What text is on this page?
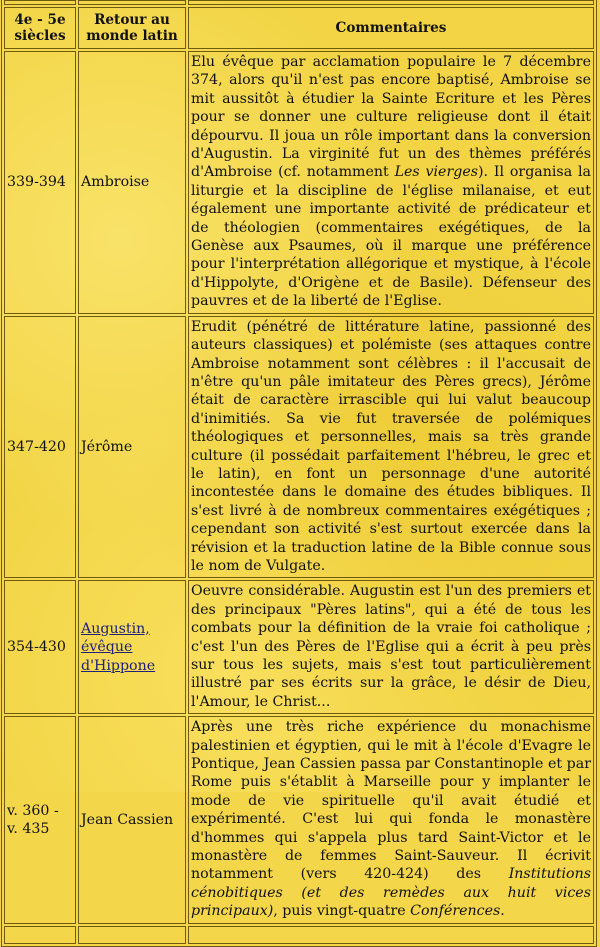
4e - 5e siècles	Retour au monde latin	Commentaires
339-394	Ambroise	Elu évêque par acclamation populaire le 7 décembre 374, alors qu'il n'est pas encore baptisé, Ambroise se mit aussitôt à étudier la Sainte Ecriture et les Pères pour se donner une culture religieuse dont il était dépourvu. Il joua un rôle important dans la conversion d'Augustin. La virginité fut un des thèmes préférés d'Ambroise (cf. notamment Les vierges). Il organisa la liturgie et la discipline de l'église milanaise, et eut également une importante activité de prédicateur et de théologien (commentaires exégétiques, de la Genèse aux Psaumes, où il marque une préférence pour l'interprétation allégorique et mystique, à l'école d'Hippolyte, d'Origène et de Basile). Défenseur des pauvres et de la liberté de l'Eglise.
347-420	Jérôme	Erudit (pénétré de littérature latine, passionné des auteurs classiques) et polémiste (ses attaques contre Ambroise notamment sont célèbres : il l'accusait de n'être qu'un pâle imitateur des Pères grecs), Jérôme était de caractère irrascible qui lui valut beaucoup d'inimitiés. Sa vie fut traversée de polémiques théologiques et personnelles, mais sa très grande culture (il possédait parfaitement l'hébreu, le grec et le latin), en font un personnage d'une autorité incontestée dans le domaine des études bibliques. Il s'est livré à de nombreux commentaires exégétiques ; cependant son activité s'est surtout exercée dans la révision et la traduction latine de la Bible connue sous le nom de Vulgate.
354-430	Augustin, évêque d'Hippone	Oeuvre considérable. Augustin est l'un des premiers et des principaux "Pères latins", qui a été de tous les combats pour la définition de la vraie foi catholique ; c'est l'un des Pères de l'Eglise qui a écrit à peu près sur tous les sujets, mais s'est tout particulièrement illustré par ses écrits sur la grâce, le désir de Dieu, l'Amour, le Christ...
v. 360 - v. 435	Jean Cassien	Après une très riche expérience du monachisme palestinien et égyptien, qui le mit à l'école d'Evagre le Pontique, Jean Cassien passa par Constantinople et par Rome puis s'établit à Marseille pour y implanter le mode de vie spirituelle qu'il avait étudié et expérimenté. C'est lui qui fonda le monastère d'hommes qui s'appela plus tard Saint-Victor et le monastère de femmes Saint-Sauveur. Il écrivit notamment (vers 420-424) des Institutions cénobitiques (et des remèdes aux huit vices principaux), puis vingt-quatre Conférences.
